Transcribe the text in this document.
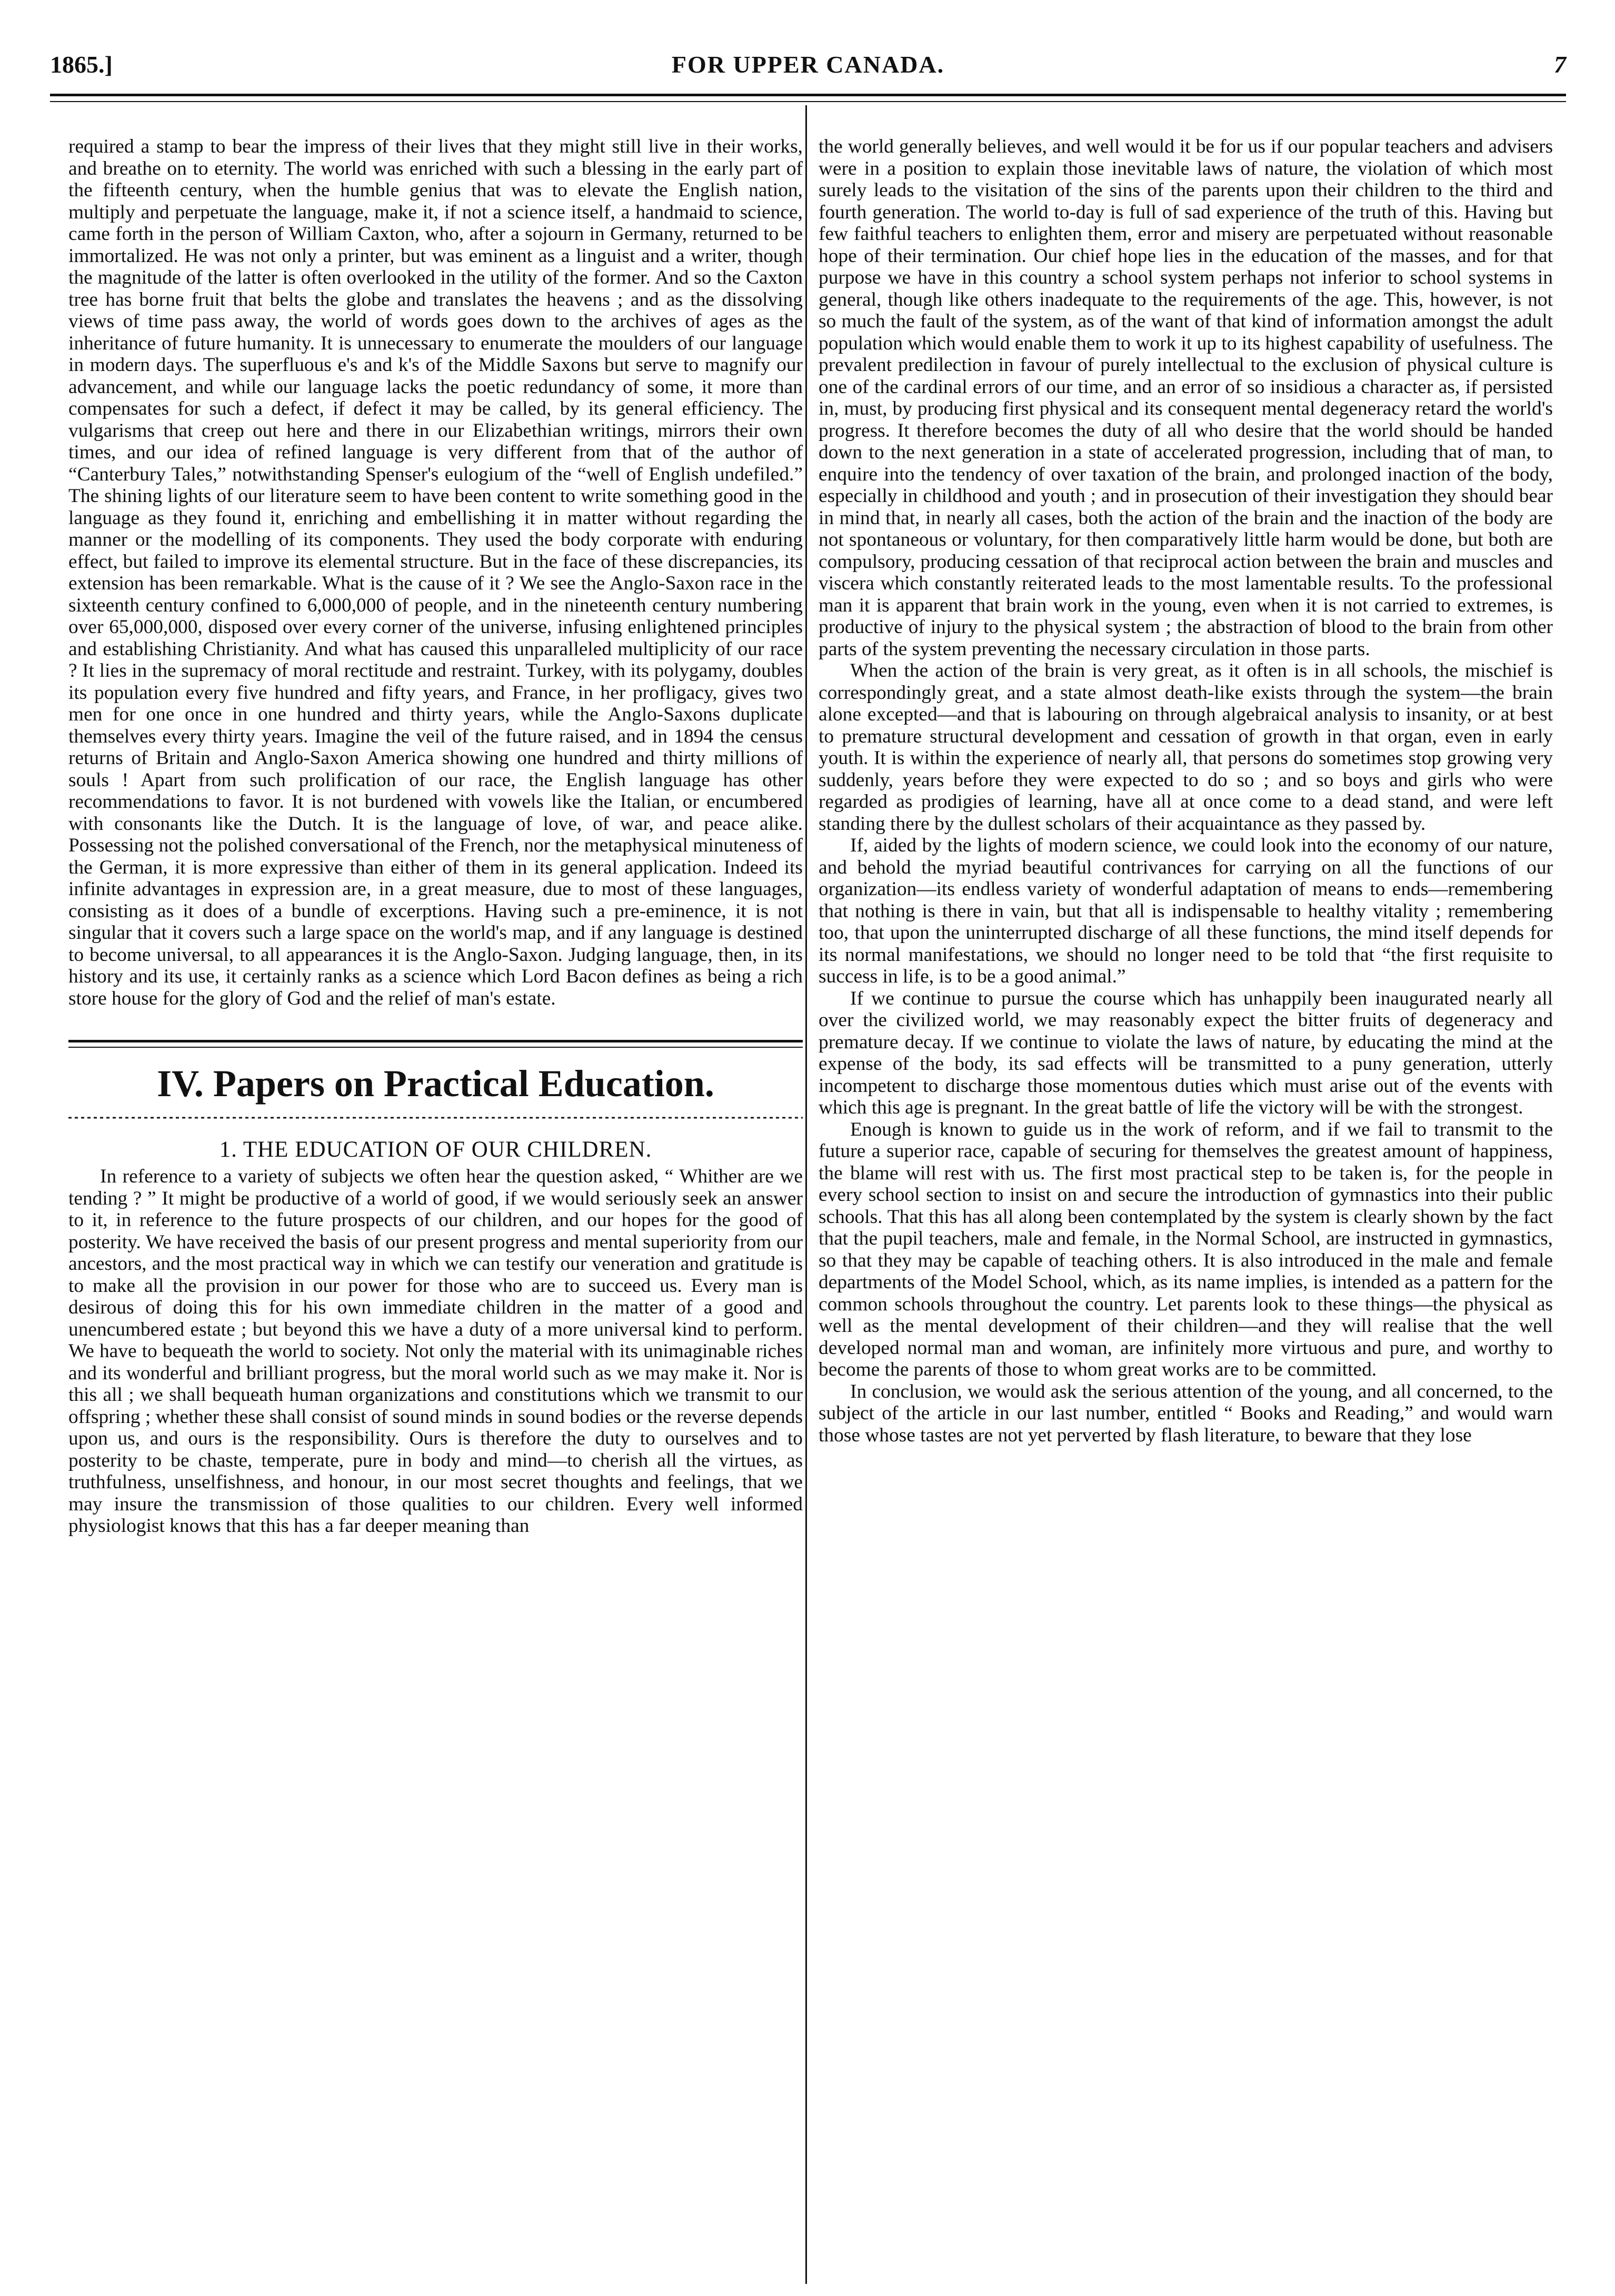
1865.]	FOR UPPER CANADA.	7

required a stamp to bear the impress of their lives that they might still live in their works, and breathe on to eternity. The world was enriched with such a blessing in the early part of the fifteenth century, when the humble genius that was to elevate the English nation, multiply and perpetuate the language, make it, if not a science itself, a handmaid to science, came forth in the person of William Caxton, who, after a sojourn in Germany, returned to be immortalized. He was not only a printer, but was eminent as a linguist and a writer, though the magnitude of the latter is often overlooked in the utility of the former. And so the Caxton tree has borne fruit that belts the globe and translates the heavens ; and as the dissolving views of time pass away, the world of words goes down to the archives of ages as the inheritance of future humanity. It is unnecessary to enumerate the moulders of our language in modern days. The superfluous e's and k's of the Middle Saxons but serve to magnify our advancement, and while our language lacks the poetic redundancy of some, it more than compensates for such a defect, if defect it may be called, by its general efficiency. The vulgarisms that creep out here and there in our Elizabethian writings, mirrors their own times, and our idea of refined language is very different from that of the author of “Canterbury Tales,” notwithstanding Spenser's eulogium of the “well of English undefiled.” The shining lights of our literature seem to have been content to write something good in the language as they found it, enriching and embellishing it in matter without regarding the manner or the modelling of its components. They used the body corporate with enduring effect, but failed to improve its elemental structure. But in the face of these discrepancies, its extension has been remarkable. What is the cause of it ? We see the Anglo-Saxon race in the sixteenth century confined to 6,000,000 of people, and in the nineteenth century numbering over 65,000,000, disposed over every corner of the universe, infusing enlightened principles and establishing Christianity. And what has caused this unparalleled multiplicity of our race ? It lies in the supremacy of moral rectitude and restraint. Turkey, with its polygamy, doubles its population every five hundred and fifty years, and France, in her profligacy, gives two men for one once in one hundred and thirty years, while the Anglo-Saxons duplicate themselves every thirty years. Imagine the veil of the future raised, and in 1894 the census returns of Britain and Anglo-Saxon America showing one hundred and thirty millions of souls ! Apart from such prolification of our race, the English language has other recommendations to favor. It is not burdened with vowels like the Italian, or encumbered with consonants like the Dutch. It is the language of love, of war, and peace alike. Possessing not the polished conversational of the French, nor the metaphysical minuteness of the German, it is more expressive than either of them in its general application. Indeed its infinite advantages in expression are, in a great measure, due to most of these languages, consisting as it does of a bundle of excerptions. Having such a pre-eminence, it is not singular that it covers such a large space on the world's map, and if any language is destined to become universal, to all appearances it is the Anglo-Saxon. Judging language, then, in its history and its use, it certainly ranks as a science which Lord Bacon defines as being a rich store house for the glory of God and the relief of man's estate.

IV. Papers on Practical Education.
1. THE EDUCATION OF OUR CHILDREN.

In reference to a variety of subjects we often hear the question asked, “ Whither are we tending ? ” It might be productive of a world of good, if we would seriously seek an answer to it, in reference to the future prospects of our children, and our hopes for the good of posterity. We have received the basis of our present progress and mental superiority from our ancestors, and the most practical way in which we can testify our veneration and gratitude is to make all the provision in our power for those who are to succeed us. Every man is desirous of doing this for his own immediate children in the matter of a good and unencumbered estate ; but beyond this we have a duty of a more universal kind to perform. We have to bequeath the world to society. Not only the material with its unimaginable riches and its wonderful and brilliant progress, but the moral world such as we may make it. Nor is this all ; we shall bequeath human organizations and constitutions which we transmit to our offspring ; whether these shall consist of sound minds in sound bodies or the reverse depends upon us, and ours is the responsibility. Ours is therefore the duty to ourselves and to posterity to be chaste, temperate, pure in body and mind—to cherish all the virtues, as truthfulness, unselfishness, and honour, in our most secret thoughts and feelings, that we may insure the transmission of those qualities to our children. Every well informed physiologist knows that this has a far deeper meaning than

the world generally believes, and well would it be for us if our popular teachers and advisers were in a position to explain those inevitable laws of nature, the violation of which most surely leads to the visitation of the sins of the parents upon their children to the third and fourth generation. The world to-day is full of sad experience of the truth of this. Having but few faithful teachers to enlighten them, error and misery are perpetuated without reasonable hope of their termination. Our chief hope lies in the education of the masses, and for that purpose we have in this country a school system perhaps not inferior to school systems in general, though like others inadequate to the requirements of the age. This, however, is not so much the fault of the system, as of the want of that kind of information amongst the adult population which would enable them to work it up to its highest capability of usefulness. The prevalent predilection in favour of purely intellectual to the exclusion of physical culture is one of the cardinal errors of our time, and an error of so insidious a character as, if persisted in, must, by producing first physical and its consequent mental degeneracy retard the world's progress. It therefore becomes the duty of all who desire that the world should be handed down to the next generation in a state of accelerated progression, including that of man, to enquire into the tendency of over taxation of the brain, and prolonged inaction of the body, especially in childhood and youth ; and in prosecution of their investigation they should bear in mind that, in nearly all cases, both the action of the brain and the inaction of the body are not spontaneous or voluntary, for then comparatively little harm would be done, but both are compulsory, producing cessation of that reciprocal action between the brain and muscles and viscera which constantly reiterated leads to the most lamentable results. To the professional man it is apparent that brain work in the young, even when it is not carried to extremes, is productive of injury to the physical system ; the abstraction of blood to the brain from other parts of the system preventing the necessary circulation in those parts.

When the action of the brain is very great, as it often is in all schools, the mischief is correspondingly great, and a state almost death-like exists through the system—the brain alone excepted—and that is labouring on through algebraical analysis to insanity, or at best to premature structural development and cessation of growth in that organ, even in early youth. It is within the experience of nearly all, that persons do sometimes stop growing very suddenly, years before they were expected to do so ; and so boys and girls who were regarded as prodigies of learning, have all at once come to a dead stand, and were left standing there by the dullest scholars of their acquaintance as they passed by.

If, aided by the lights of modern science, we could look into the economy of our nature, and behold the myriad beautiful contrivances for carrying on all the functions of our organization—its endless variety of wonderful adaptation of means to ends—remembering that nothing is there in vain, but that all is indispensable to healthy vitality ; remembering too, that upon the uninterrupted discharge of all these functions, the mind itself depends for its normal manifestations, we should no longer need to be told that “the first requisite to success in life, is to be a good animal.”

If we continue to pursue the course which has unhappily been inaugurated nearly all over the civilized world, we may reasonably expect the bitter fruits of degeneracy and premature decay. If we continue to violate the laws of nature, by educating the mind at the expense of the body, its sad effects will be transmitted to a puny generation, utterly incompetent to discharge those momentous duties which must arise out of the events with which this age is pregnant. In the great battle of life the victory will be with the strongest.

Enough is known to guide us in the work of reform, and if we fail to transmit to the future a superior race, capable of securing for themselves the greatest amount of happiness, the blame will rest with us. The first most practical step to be taken is, for the people in every school section to insist on and secure the introduction of gymnastics into their public schools. That this has all along been contemplated by the system is clearly shown by the fact that the pupil teachers, male and female, in the Normal School, are instructed in gymnastics, so that they may be capable of teaching others. It is also introduced in the male and female departments of the Model School, which, as its name implies, is intended as a pattern for the common schools throughout the country. Let parents look to these things—the physical as well as the mental development of their children—and they will realise that the well developed normal man and woman, are infinitely more virtuous and pure, and worthy to become the parents of those to whom great works are to be committed.

In conclusion, we would ask the serious attention of the young, and all concerned, to the subject of the article in our last number, entitled “ Books and Reading,” and would warn those whose tastes are not yet perverted by flash literature, to beware that they lose
